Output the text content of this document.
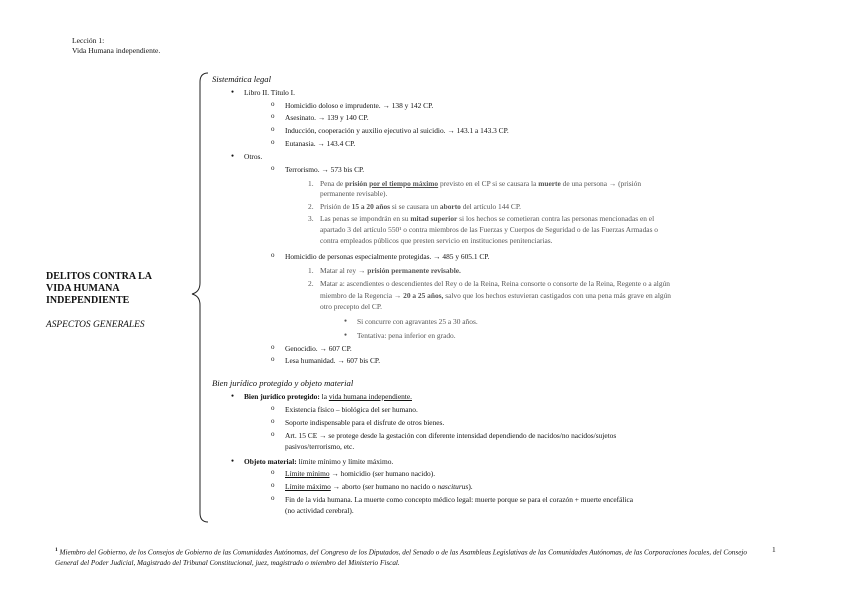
Lección 1:
Vida Humana independiente.
DELITOS CONTRA LA
VIDA HUMANA
INDEPENDIENTE
ASPECTOS GENERALES
Sistemática legal
● Libro II. Título I.
o Homicidio doloso e imprudente. → 138 y 142 CP.
o Asesinato. → 139 y 140 CP.
o Inducción, cooperación y auxilio ejecutivo al suicidio. → 143.1 a 143.3 CP.
o Eutanasia. → 143.4 CP.
● Otros.
o Terrorismo. → 573 bis CP.
1. Pena de prisión por el tiempo máximo previsto en el CP si se causara la muerte de una persona → (prisión
permanente revisable).
2. Prisión de 15 a 20 años si se causara un aborto del artículo 144 CP.
3. Las penas se impondrán en su mitad superior si los hechos se cometieran contra las personas mencionadas en el
apartado 3 del artículo 550¹ o contra miembros de las Fuerzas y Cuerpos de Seguridad o de las Fuerzas Armadas o
contra empleados públicos que presten servicio en instituciones penitenciarias.
o Homicidio de personas especialmente protegidas. → 485 y 605.1 CP.
1. Matar al rey → prisión permanente revisable.
2. Matar a: ascendientes o descendientes del Rey o de la Reina, Reina consorte o consorte de la Reina, Regente o a algún
miembro de la Regencia → 20 a 25 años, salvo que los hechos estuvieran castigados con una pena más grave en algún
otro precepto del CP.
● Si concurre con agravantes 25 a 30 años.
● Tentativa: pena inferior en grado.
o Genocidio. → 607 CP.
o Lesa humanidad. → 607 bis CP.
Bien jurídico protegido y objeto material
● Bien jurídico protegido: la vida humana independiente.
o Existencia físico – biológica del ser humano.
o Soporte indispensable para el disfrute de otros bienes.
o Art. 15 CE → se protege desde la gestación con diferente intensidad dependiendo de nacidos/no nacidos/sujetos
pasivos/terrorismo, etc.
● Objeto material: límite mínimo y límite máximo.
o Límite mínimo → homicidio (ser humano nacido).
o Límite máximo → aborto (ser humano no nacido o nasciturus).
o Fin de la vida humana. La muerte como concepto médico legal: muerte porque se para el corazón + muerte encefálica
(no actividad cerebral).
$^1$ Miembro del Gobierno, de los Consejos de Gobierno de las Comunidades Autónomas, del Congreso de los Diputados, del Senado o de las Asambleas Legislativas de las Comunidades Autónomas, de las Corporaciones locales, del Consejo General del Poder Judicial, Magistrado del Tribunal Constitucional, juez, magistrado o miembro del Ministerio Fiscal.
1
